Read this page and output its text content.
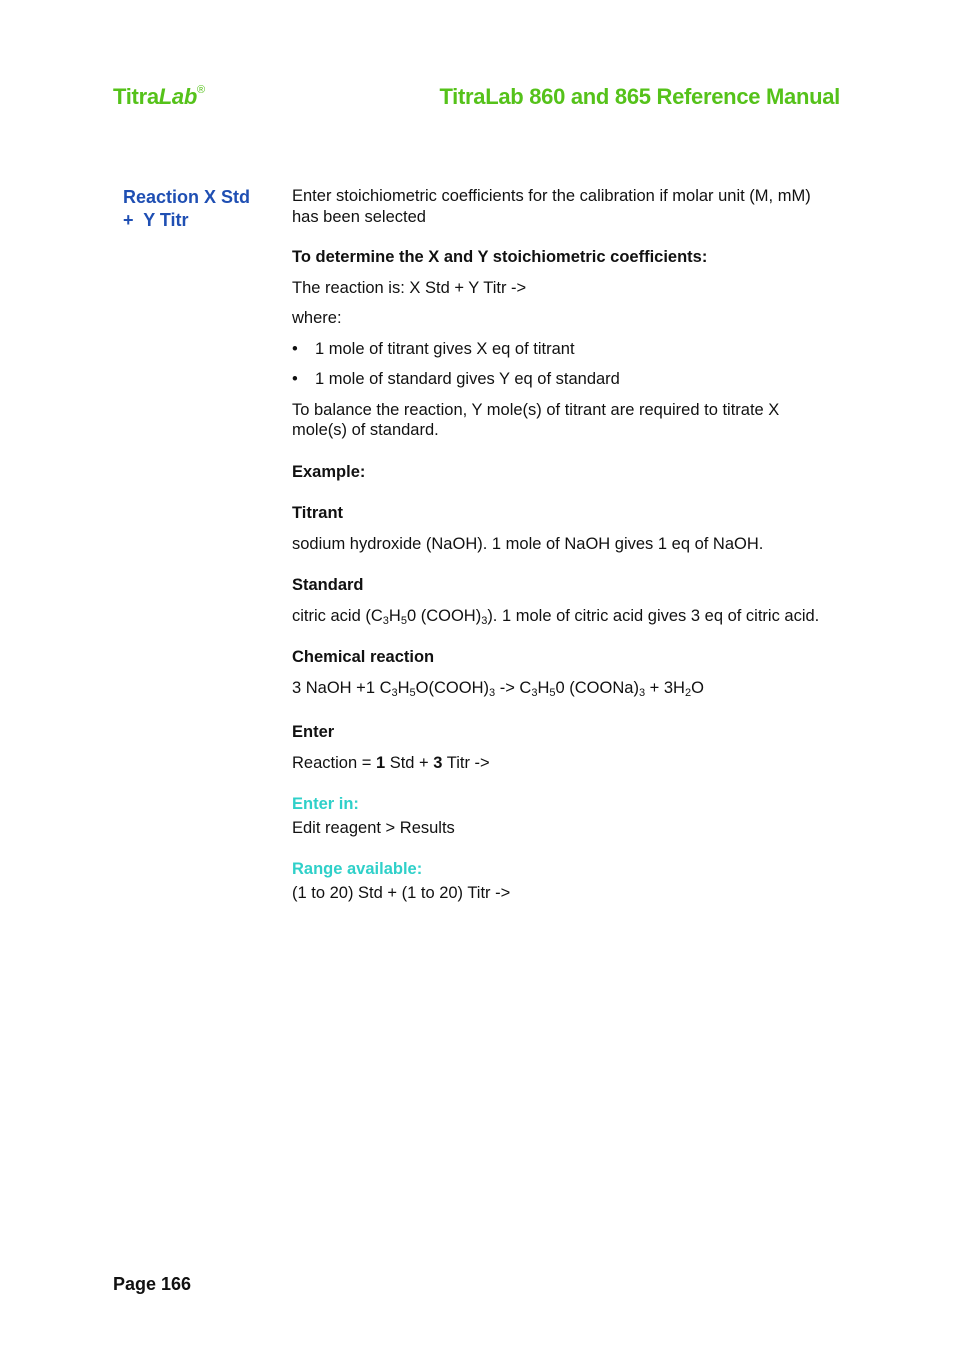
TitraLab®	TitraLab 860 and 865 Reference Manual
Reaction X Std
+  Y Titr

Enter stoichiometric coefficients for the calibration if molar unit (M, mM) has been selected

To determine the X and Y stoichiometric coefficients:

The reaction is: X Std + Y Titr ->

where:

•	1 mole of titrant gives X eq of titrant
•	1 mole of standard gives Y eq of standard

To balance the reaction, Y mole(s) of titrant are required to titrate X mole(s) of standard.

Example:

Titrant

sodium hydroxide (NaOH). 1 mole of NaOH gives 1 eq of NaOH.

Standard

citric acid ($C_3H_50$ $(COOH)_3$). 1 mole of citric acid gives 3 eq of citric acid.

Chemical reaction

3 NaOH +1 $C_3H_5O(COOH)_3 -> C_3H_50$ $(COONa)_3 + 3H_2O$

Enter

Reaction = 1 Std + 3 Titr ->

Enter in:

Edit reagent > Results

Range available:

(1 to 20) Std + (1 to 20) Titr ->

Page 166
